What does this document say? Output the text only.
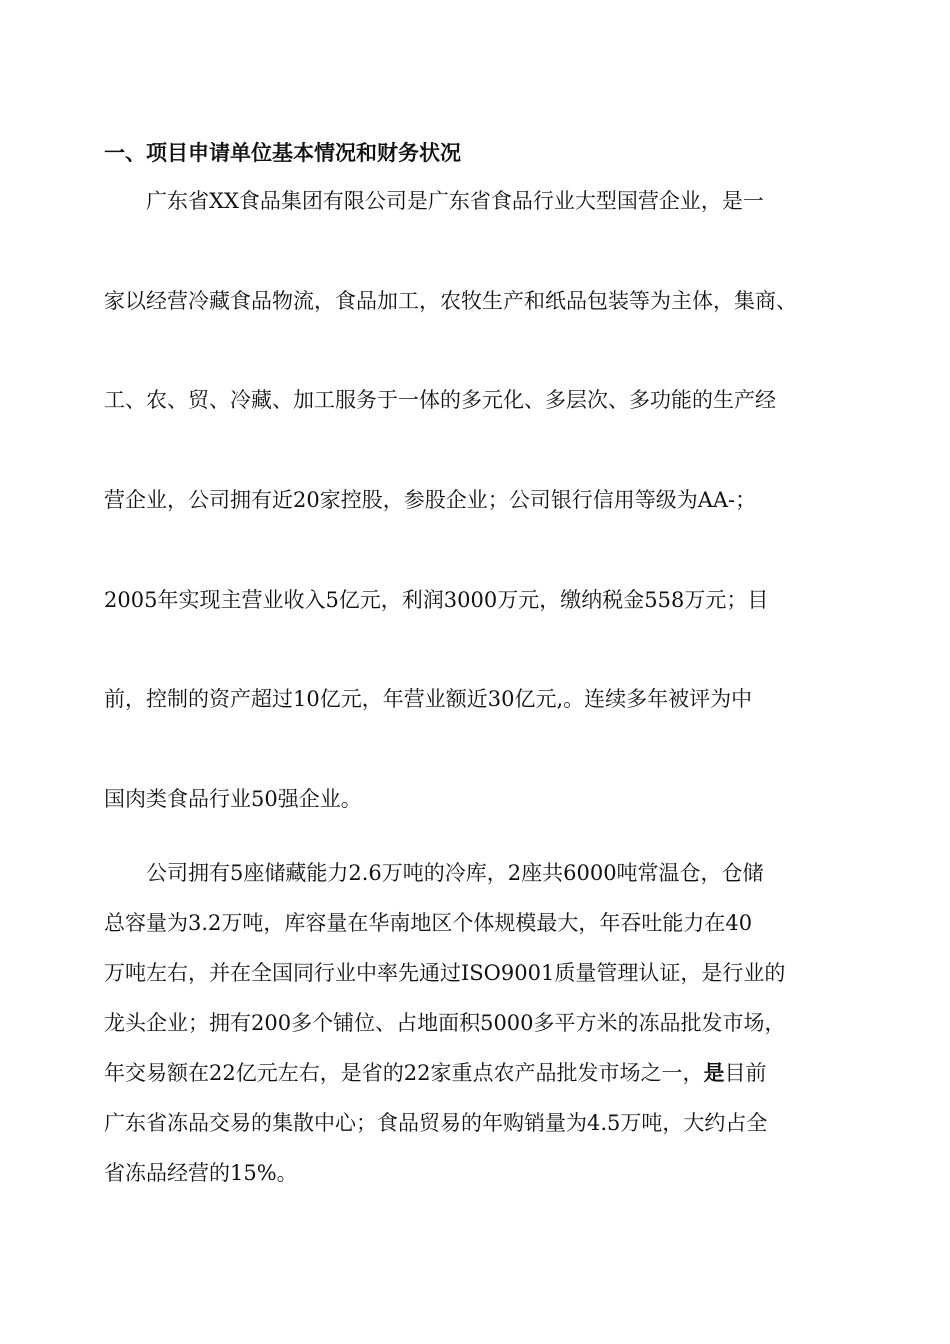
一、项目申请单位基本情况和财务状况
广东省XX食品集团有限公司是广东省食品行业大型国营企业，是一
家以经营冷藏食品物流，食品加工，农牧生产和纸品包装等为主体，集商、
工、农、贸、冷藏、加工服务于一体的多元化、多层次、多功能的生产经
营企业，公司拥有近20家控股，参股企业；公司银行信用等级为AA-；
2005年实现主营业收入5亿元，利润3000万元，缴纳税金558万元；目
前，控制的资产超过10亿元，年营业额近30亿元,。连续多年被评为中
国肉类食品行业50强企业。
公司拥有5座储藏能力2.6万吨的冷库，2座共6000吨常温仓，仓储
总容量为3.2万吨，库容量在华南地区个体规模最大，年吞吐能力在40
万吨左右，并在全国同行业中率先通过ISO9001质量管理认证，是行业的
龙头企业；拥有200多个铺位、占地面积5000多平方米的冻品批发市场，
年交易额在22亿元左右，是省的22家重点农产品批发市场之一，是目前
广东省冻品交易的集散中心；食品贸易的年购销量为4.5万吨，大约占全
省冻品经营的15%。
